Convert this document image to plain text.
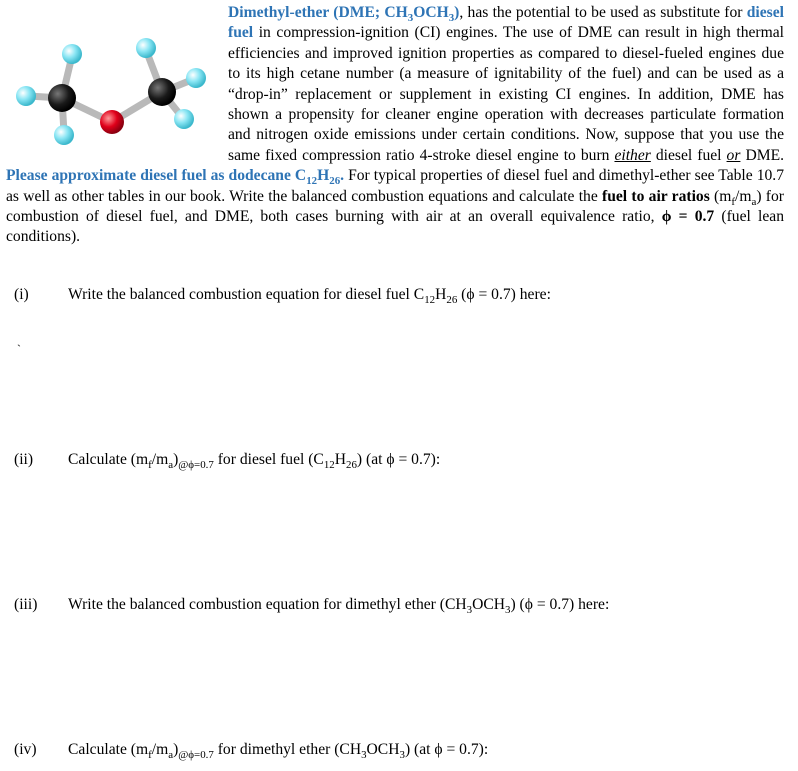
Dimethyl-ether (DME; $CH_3OCH_3$), has the potential to be used as substitute for diesel fuel in compression-ignition (CI) engines. The use of DME can result in high thermal efficiencies and improved ignition properties as compared to diesel-fueled engines due to its high cetane number (a measure of ignitability of the fuel) and can be used as a “drop-in” replacement or supplement in existing CI engines. In addition, DME has shown a propensity for cleaner engine operation with decreases particulate formation and nitrogen oxide emissions under certain conditions. Now, suppose that you use the same fixed compression ratio 4-stroke diesel engine to burn either diesel fuel or DME. Please approximate diesel fuel as dodecane $C_{12}H_{26}$. For typical properties of diesel fuel and dimethyl-ether see Table 10.7 as well as other tables in our book. Write the balanced combustion equations and calculate the fuel to air ratios $(m_f/m_a)$ for combustion of diesel fuel, and DME, both cases burning with air at an overall equivalence ratio, ϕ = 0.7 (fuel lean conditions).

(i)	Write the balanced combustion equation for diesel fuel $C_{12}H_{26}$ (ϕ = 0.7) here:
`
(ii) Calculate $(m_f/m_a)_{@\phi=0.7}$ for diesel fuel $(C_{12}H_{26})$ (at ϕ = 0.7):
(iii) Write the balanced combustion equation for dimethyl ether $(CH_3OCH_3) (\phi = 0.7)$ here:
(iv) Calculate $(m_f/m_a)_{@\phi=0.7}$ for dimethyl ether $(CH_3OCH_3)$ (at ϕ = 0.7):
